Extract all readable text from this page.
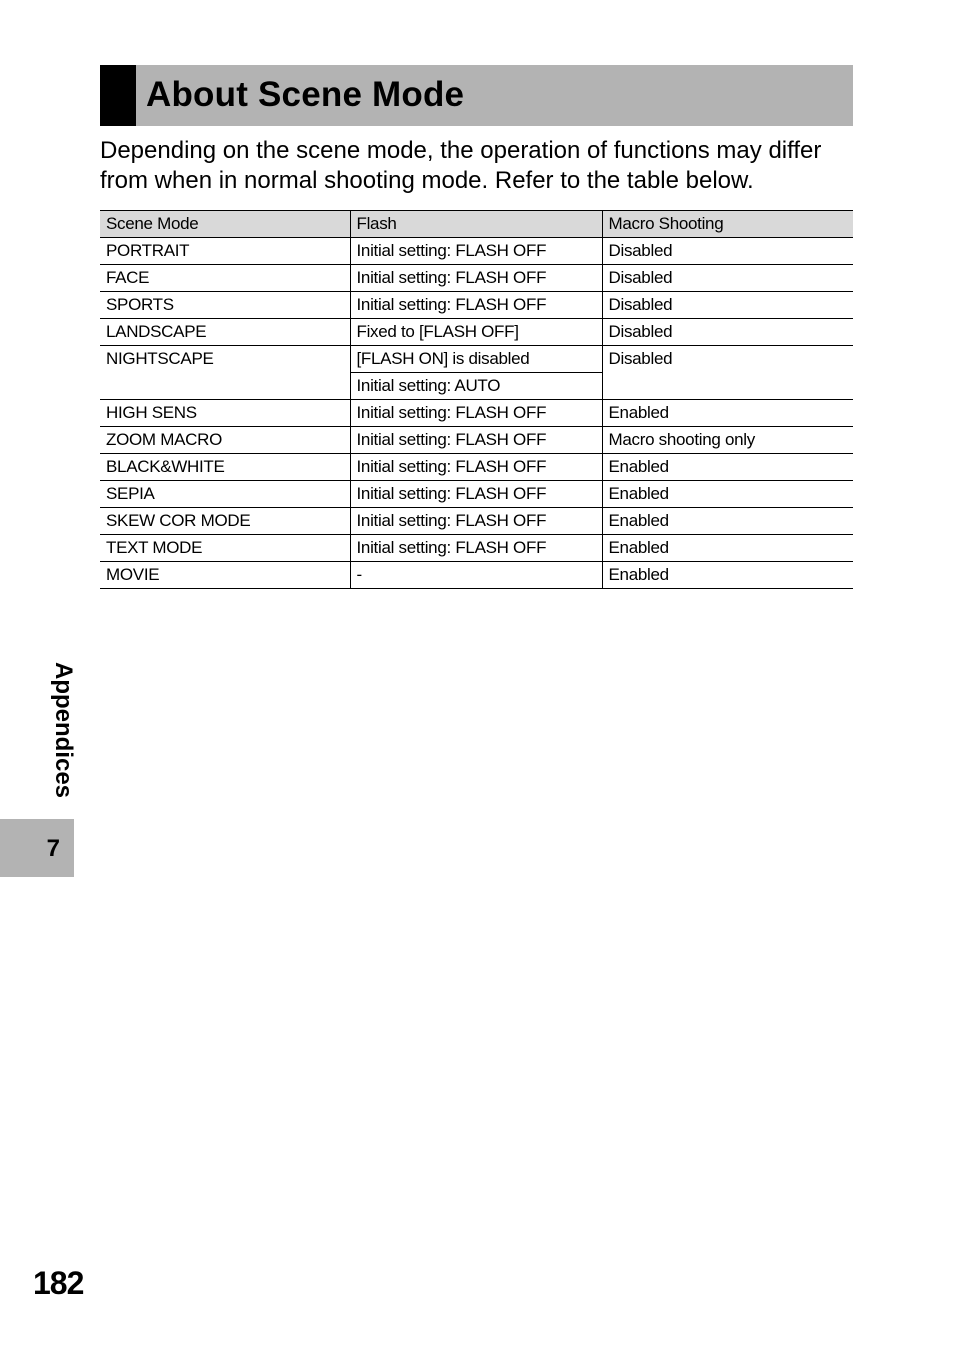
About Scene Mode
Depending on the scene mode, the operation of functions may differ
from when in normal shooting mode. Refer to the table below.
Scene Mode	Flash	Macro Shooting
PORTRAIT	Initial setting: FLASH OFF	Disabled
FACE	Initial setting: FLASH OFF	Disabled
SPORTS	Initial setting: FLASH OFF	Disabled
LANDSCAPE	Fixed to [FLASH OFF]	Disabled
NIGHTSCAPE	[FLASH ON] is disabled	Disabled
	Initial setting: AUTO	
HIGH SENS	Initial setting: FLASH OFF	Enabled
ZOOM MACRO	Initial setting: FLASH OFF	Macro shooting only
BLACK&WHITE	Initial setting: FLASH OFF	Enabled
SEPIA	Initial setting: FLASH OFF	Enabled
SKEW COR MODE	Initial setting: FLASH OFF	Enabled
TEXT MODE	Initial setting: FLASH OFF	Enabled
MOVIE	-	Enabled
Appendices
7
182
